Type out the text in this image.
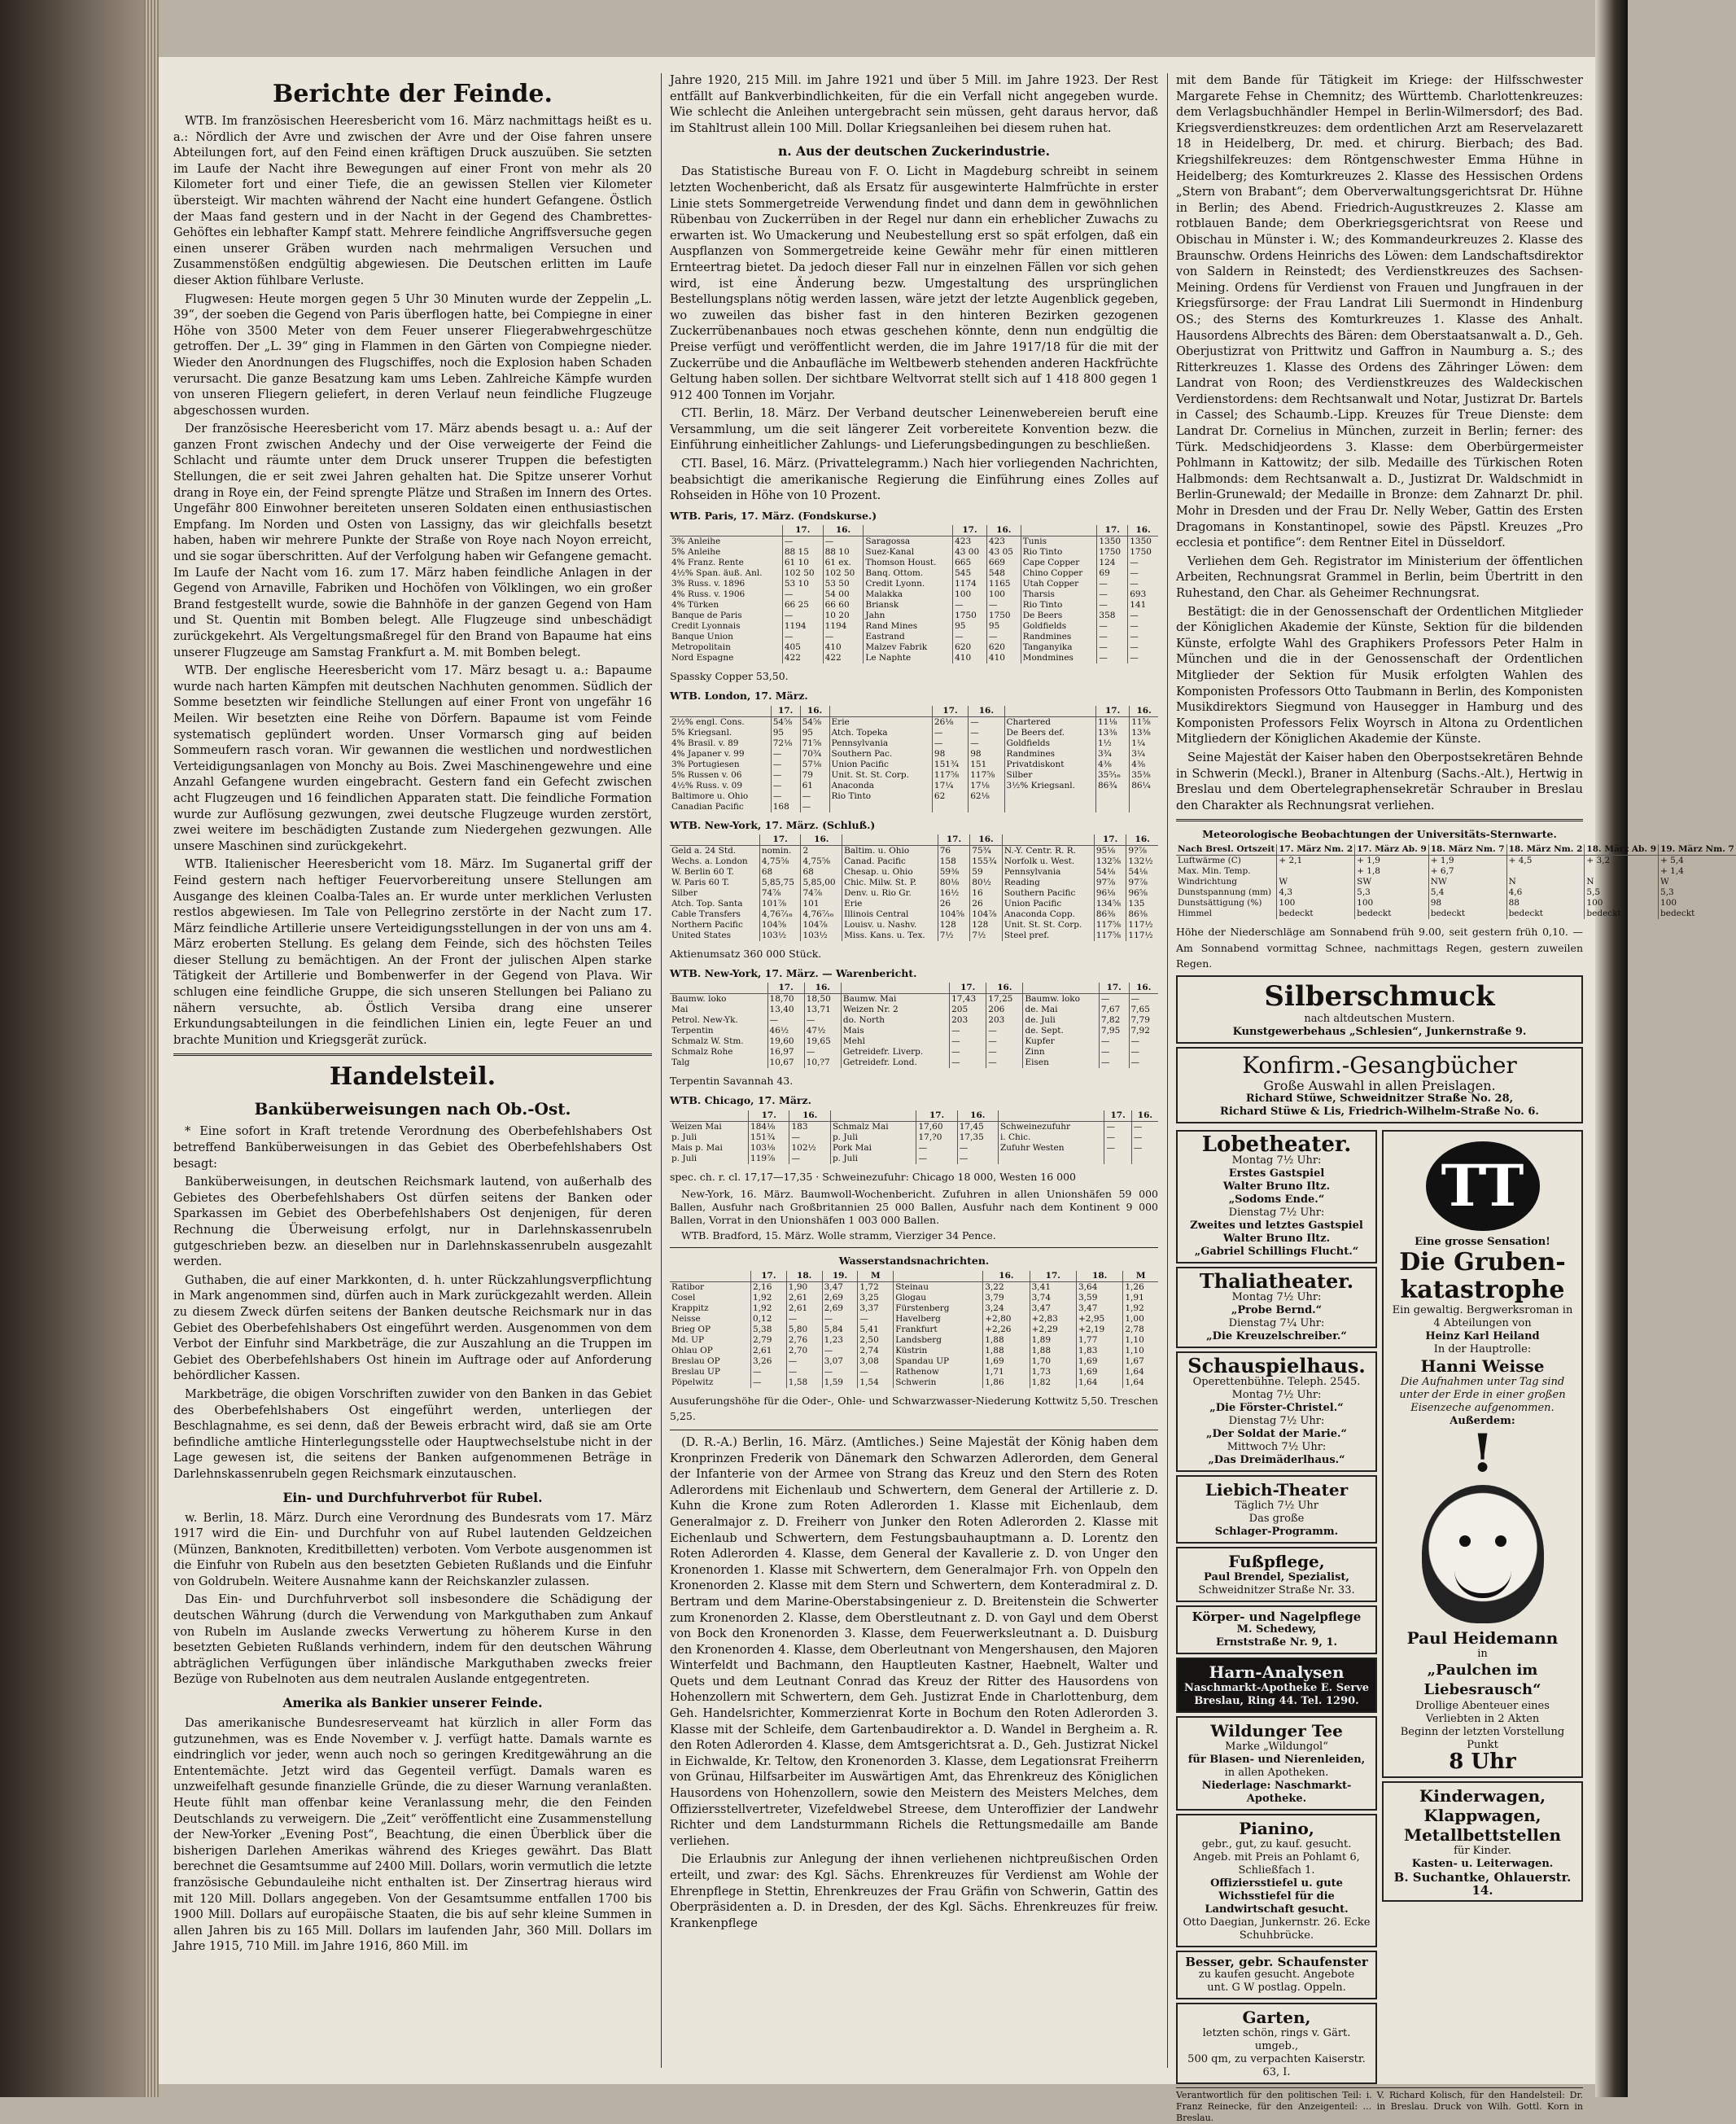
Berichte der Feinde.

WTB. Im französischen Heeresbericht vom 16. März nachmittags heißt es u. a.: Nördlich der Avre und zwischen der Avre und der Oise fahren unsere Abteilungen fort, auf den Feind einen kräftigen Druck auszuüben. Sie setzten im Laufe der Nacht ihre Bewegungen auf einer Front von mehr als 20 Kilometer fort und einer Tiefe, die an gewissen Stellen vier Kilometer übersteigt. Wir machten während der Nacht eine hundert Gefangene. Östlich der Maas fand gestern und in der Nacht in der Gegend des Chambrettes-Gehöftes ein lebhafter Kampf statt. Mehrere feindliche Angriffsversuche gegen einen unserer Gräben wurden nach mehrmaligen Versuchen und Zusammenstößen endgültig abgewiesen. Die Deutschen erlitten im Laufe dieser Aktion fühlbare Verluste.

Flugwesen: Heute morgen gegen 5 Uhr 30 Minuten wurde der Zeppelin „L. 39“, der soeben die Gegend von Paris überflogen hatte, bei Compiegne in einer Höhe von 3500 Meter von dem Feuer unserer Fliegerabwehrgeschütze getroffen. Der „L. 39“ ging in Flammen in den Gärten von Compiegne nieder. Wieder den Anordnungen des Flugschiffes, noch die Explosion haben Schaden verursacht. Die ganze Besatzung kam ums Leben. Zahlreiche Kämpfe wurden von unseren Fliegern geliefert, in deren Verlauf neun feindliche Flugzeuge abgeschossen wurden.

Der französische Heeresbericht vom 17. März abends besagt u. a.: Auf der ganzen Front zwischen Andechy und der Oise verweigerte der Feind die Schlacht und räumte unter dem Druck unserer Truppen die befestigten Stellungen, die er seit zwei Jahren gehalten hat. Die Spitze unserer Vorhut drang in Roye ein, der Feind sprengte Plätze und Straßen im Innern des Ortes. Ungefähr 800 Einwohner bereiteten unseren Soldaten einen enthusiastischen Empfang. Im Norden und Osten von Lassigny, das wir gleichfalls besetzt haben, haben wir mehrere Punkte der Straße von Roye nach Noyon erreicht, und sie sogar überschritten. Auf der Verfolgung haben wir Gefangene gemacht. Im Laufe der Nacht vom 16. zum 17. März haben feindliche Anlagen in der Gegend von Arnaville, Fabriken und Hochöfen von Völklingen, wo ein großer Brand festgestellt wurde, sowie die Bahnhöfe in der ganzen Gegend von Ham und St. Quentin mit Bomben belegt. Alle Flugzeuge sind unbeschädigt zurückgekehrt. Als Vergeltungsmaßregel für den Brand von Bapaume hat eins unserer Flugzeuge am Samstag Frankfurt a. M. mit Bomben belegt.

WTB. Der englische Heeresbericht vom 17. März besagt u. a.: Bapaume wurde nach harten Kämpfen mit deutschen Nachhuten genommen. Südlich der Somme besetzten wir feindliche Stellungen auf einer Front von ungefähr 16 Meilen. Wir besetzten eine Reihe von Dörfern. Bapaume ist vom Feinde systematisch geplündert worden. Unser Vormarsch ging auf beiden Sommeufern rasch voran. Wir gewannen die westlichen und nordwestlichen Verteidigungsanlagen von Monchy au Bois. Zwei Maschinengewehre und eine Anzahl Gefangene wurden eingebracht. Gestern fand ein Gefecht zwischen acht Flugzeugen und 16 feindlichen Apparaten statt. Die feindliche Formation wurde zur Auflösung gezwungen, zwei deutsche Flugzeuge wurden zerstört, zwei weitere im beschädigten Zustande zum Niedergehen gezwungen. Alle unsere Maschinen sind zurückgekehrt.

WTB. Italienischer Heeresbericht vom 18. März. Im Suganertal griff der Feind gestern nach heftiger Feuervorbereitung unsere Stellungen am Ausgange des kleinen Coalba-Tales an. Er wurde unter merklichen Verlusten restlos abgewiesen. Im Tale von Pellegrino zerstörte in der Nacht zum 17. März feindliche Artillerie unsere Verteidigungsstellungen in der von uns am 4. März eroberten Stellung. Es gelang dem Feinde, sich des höchsten Teiles dieser Stellung zu bemächtigen. An der Front der julischen Alpen starke Tätigkeit der Artillerie und Bombenwerfer in der Gegend von Plava. Wir schlugen eine feindliche Gruppe, die sich unseren Stellungen bei Paliano zu nähern versuchte, ab. Östlich Versiba drang eine unserer Erkundungsabteilungen in die feindlichen Linien ein, legte Feuer an und brachte Munition und Kriegsgerät zurück.

Handelsteil.
Banküberweisungen nach Ob.-Ost.

* Eine sofort in Kraft tretende Verordnung des Oberbefehlshabers Ost betreffend Banküberweisungen in das Gebiet des Oberbefehlshabers Ost besagt:

Banküberweisungen, in deutschen Reichsmark lautend, von außerhalb des Gebietes des Oberbefehlshabers Ost dürfen seitens der Banken oder Sparkassen im Gebiet des Oberbefehlshabers Ost denjenigen, für deren Rechnung die Überweisung erfolgt, nur in Darlehnskassenrubeln gutgeschrieben bezw. an dieselben nur in Darlehnskassenrubeln ausgezahlt werden.

Guthaben, die auf einer Markkonten, d. h. unter Rückzahlungsverpflichtung in Mark angenommen sind, dürfen auch in Mark zurückgezahlt werden. Allein zu diesem Zweck dürfen seitens der Banken deutsche Reichsmark nur in das Gebiet des Oberbefehlshabers Ost eingeführt werden. Ausgenommen von dem Verbot der Einfuhr sind Markbeträge, die zur Auszahlung an die Truppen im Gebiet des Oberbefehlshabers Ost hinein im Auftrage oder auf Anforderung behördlicher Kassen.

Markbeträge, die obigen Vorschriften zuwider von den Banken in das Gebiet des Oberbefehlshabers Ost eingeführt werden, unterliegen der Beschlagnahme, es sei denn, daß der Beweis erbracht wird, daß sie am Orte befindliche amtliche Hinterlegungsstelle oder Hauptwechselstube nicht in der Lage gewesen ist, die seitens der Banken aufgenommenen Beträge in Darlehnskassenrubeln gegen Reichsmark einzutauschen.

Ein- und Durchfuhrverbot für Rubel.

w. Berlin, 18. März. Durch eine Verordnung des Bundesrats vom 17. März 1917 wird die Ein- und Durchfuhr von auf Rubel lautenden Geldzeichen (Münzen, Banknoten, Kreditbilletten) verboten. Vom Verbote ausgenommen ist die Einfuhr von Rubeln aus den besetzten Gebieten Rußlands und die Einfuhr von Goldrubeln. Weitere Ausnahme kann der Reichskanzler zulassen.

Das Ein- und Durchfuhrverbot soll insbesondere die Schädigung der deutschen Währung (durch die Verwendung von Markguthaben zum Ankauf von Rubeln im Auslande zwecks Verwertung zu höherem Kurse in den besetzten Gebieten Rußlands verhindern, indem für den deutschen Währung abträglichen Verfügungen über inländische Markguthaben zwecks freier Bezüge von Rubelnoten aus dem neutralen Auslande entgegentreten.

Amerika als Bankier unserer Feinde.

Das amerikanische Bundesreserveamt hat kürzlich in aller Form das gutzunehmen, was es Ende November v. J. verfügt hatte. Damals warnte es eindringlich vor jeder, wenn auch noch so geringen Kreditgewährung an die Ententemächte. Jetzt wird das Gegenteil verfügt. Damals waren es unzweifelhaft gesunde finanzielle Gründe, die zu dieser Warnung veranlaßten. Heute fühlt man offenbar keine Veranlassung mehr, die den Feinden Deutschlands zu verweigern. Die „Zeit“ veröffentlicht eine Zusammenstellung der New-Yorker „Evening Post“, Beachtung, die einen Überblick über die bisherigen Darlehen Amerikas während des Krieges gewährt. Das Blatt berechnet die Gesamtsumme auf 2400 Mill. Dollars, worin vermutlich die letzte französische Gebundauleihe nicht enthalten ist. Der Zinsertrag hieraus wird mit 120 Mill. Dollars angegeben. Von der Gesamtsumme entfallen 1700 bis 1900 Mill. Dollars auf europäische Staaten, die bis auf sehr kleine Summen in allen Jahren bis zu 165 Mill. Dollars im laufenden Jahr, 360 Mill. Dollars im Jahre 1915, 710 Mill. im Jahre 1916, 860 Mill. im

Jahre 1920, 215 Mill. im Jahre 1921 und über 5 Mill. im Jahre 1923. Der Rest entfällt auf Bankverbindlichkeiten, für die ein Verfall nicht angegeben wurde. Wie schlecht die Anleihen untergebracht sein müssen, geht daraus hervor, daß im Stahltrust allein 100 Mill. Dollar Kriegsanleihen bei diesem ruhen hat.

n. Aus der deutschen Zuckerindustrie.

Das Statistische Bureau von F. O. Licht in Magdeburg schreibt in seinem letzten Wochenbericht, daß als Ersatz für ausgewinterte Halmfrüchte in erster Linie stets Sommergetreide Verwendung findet und dann dem in gewöhnlichen Rübenbau von Zuckerrüben in der Regel nur dann ein erheblicher Zuwachs zu erwarten ist. Wo Umackerung und Neubestellung erst so spät erfolgen, daß ein Auspflanzen von Sommergetreide keine Gewähr mehr für einen mittleren Ernteertrag bietet. Da jedoch dieser Fall nur in einzelnen Fällen vor sich gehen wird, ist eine Änderung bezw. Umgestaltung des ursprünglichen Bestellungsplans nötig werden lassen, wäre jetzt der letzte Augenblick gegeben, wo zuweilen das bisher fast in den hinteren Bezirken gezogenen Zuckerrübenanbaues noch etwas geschehen könnte, denn nun endgültig die Preise verfügt und veröffentlicht werden, die im Jahre 1917/18 für die mit der Zuckerrübe und die Anbaufläche im Weltbewerb stehenden anderen Hackfrüchte Geltung haben sollen. Der sichtbare Weltvorrat stellt sich auf 1 418 800 gegen 1 912 400 Tonnen im Vorjahr.

CTI. Berlin, 18. März. Der Verband deutscher Leinenwebereien beruft eine Versammlung, um die seit längerer Zeit vorbereitete Konvention bezw. die Einführung einheitlicher Zahlungs- und Lieferungsbedingungen zu beschließen.

CTI. Basel, 16. März. (Privattelegramm.) Nach hier vorliegenden Nachrichten, beabsichtigt die amerikanische Regierung die Einführung eines Zolles auf Rohseiden in Höhe von 10 Prozent.

WTB. Paris, 17. März. (Fondskurse.)
	17.	16.		17.	16.		17.	16.
3% Anleihe	—	—	Saragossa	423	423	Tunis	1350	1350
5% Anleihe	88 15	88 10	Suez-Kanal	43 00	43 05	Rio Tinto	1750	1750
4% Franz. Rente	61 10	61 ex.	Thomson Houst.	665	669	Cape Copper	124	—
4½% Span. äuß. Anl.	102 50	102 50	Banq. Ottom.	545	548	Chino Copper	69	—
3% Russ. v. 1896	53 10	53 50	Credit Lyonn.	1174	1165	Utah Copper	—	—
4% Russ. v. 1906	—	54 00	Malakka	100	100	Tharsis	—	693
4% Türken	66 25	66 60	Briansk	—	—	Rio Tinto	—	141
Banque de Paris	—	10 20	Jahn	1750	1750	De Beers	358	—
Credit Lyonnais	1194	1194	Rand Mines	95	95	Goldfields	—	—
Banque Union	—	—	Eastrand	—	—	Randmines	—	—
Metropolitain	405	410	Malzev Fabrik	620	620	Tanganyika	—	—
Nord Espagne	422	422	Le Naphte	410	410	Mondmines	—	—
Spassky Copper 53,50.
WTB. London, 17. März.
	17.	16.		17.	16.		17.	16.
2½% engl. Cons.	54⅝	54⅝	Erie	26⅛	—	Chartered	11⅛	11⅝
5% Kriegsanl.	95	95	Atch. Topeka	—	—	De Beers def.	13⅜	13⅜
4% Brasil. v. 89	72⅛	71⅝	Pennsylvania	—	—	Goldfields	1½	1¼
4% Japaner v. 99	—	70¾	Southern Pac.	98	98	Randmines	3¾	3¼
3% Portugiesen	—	57⅛	Union Pacific	151¾	151	Privatdiskont	4⅜	4⅜
5% Russen v. 06	—	79	Unit. St. St. Corp.	117⅝	117⅝	Silber	35⁵⁄₁₆	35⅜
4½% Russ. v. 09	—	61	Anaconda	17¼	17⅛	3½% Kriegsanl.	86¾	86¼
Baltimore u. Ohio	—	—	Rio Tinto	62	62⅛			
Canadian Pacific	168	—						
WTB. New-York, 17. März. (Schluß.)
	17.	16.		17.	16.		17.	16.
Geld a. 24 Std.	nomin.	2	Baltim. u. Ohio	76	75¾	N.-Y. Centr. R. R.	95⅛	9?⅞
Wechs. a. London	4,75⅝	4,75⅝	Canad. Pacific	158	155¾	Norfolk u. West.	132⅝	132½
W. Berlin 60 T.	68	68	Chesap. u. Ohio	59⅜	59	Pennsylvania	54⅛	54⅛
W. Paris 60 T.	5,85,75	5,85,00	Chic. Milw. St. P.	80⅛	80½	Reading	97⅞	97⅞
Silber	74⅞	74⅞	Denv. u. Rio Gr.	16½	16	Southern Pacific	96⅛	96⅝
Atch. Top. Santa	101⅞	101	Erie	26	26	Union Pacific	134⅝	135
Cable Transfers	4,76⁷⁄₁₆	4,76⁷⁄₁₆	Illinois Central	104⅝	104⅞	Anaconda Copp.	86⅜	86⅜
Northern Pacific	104⅝	104⅞	Louisv. u. Nashv.	128	128	Unit. St. St. Corp.	117⅝	117½
United States	103½	103½	Miss. Kans. u. Tex.	7½	7½	Steel pref.	117⅝	117½
Aktienumsatz 360 000 Stück.
WTB. New-York, 17. März. — Warenbericht.
	17.	16.		17.	16.		17.	16.
Baumw. loko	18,70	18,50	Baumw. Mai	17,43	17,25	Baumw. loko	—	—
Mai	13,40	13,71	Weizen Nr. 2	205	206	de. Mai	7,67	7,65
Petrol. New-Yk.	—	—	do. North	203	203	de. Juli	7,82	7,79
Terpentin	46½	47½	Mais	—	—	de. Sept.	7,95	7,92
Schmalz W. Stm.	19,60	19,65	Mehl	—	—	Kupfer	—	—
Schmalz Rohe	16,97	—	Getreidefr. Liverp.	—	—	Zinn	—	—
Talg	10,67	10,?7	Getreidefr. Lond.	—	—	Eisen	—	—
Terpentin Savannah 43.
WTB. Chicago, 17. März.
	17.	16.		17.	16.		17.	16.
Weizen Mai	184⅛	183	Schmalz Mai	17,60	17,45	Schweinezufuhr	—	—
p. Juli	151¾	—	p. Juli	17,?0	17,35	i. Chic.	—	—
Mais p. Mai	103⅛	102½	Pork Mai	—	—	Zufuhr Westen	—	—
p. Juli	119⅞	—	p. Juli	—	—			
spec. ch. r. cl. 17,17—17,35 · Schweinezufuhr: Chicago 18 000, Westen 16 000

New-York, 16. März. Baumwoll-Wochenbericht. Zufuhren in allen Unionshäfen 59 000 Ballen, Ausfuhr nach Großbritannien 25 000 Ballen, Ausfuhr nach dem Kontinent 9 000 Ballen, Vorrat in den Unionshäfen 1 003 000 Ballen.

WTB. Bradford, 15. März. Wolle stramm, Vierziger 34 Pence.

Wasserstandsnachrichten.
	17.	18.	19.	M		16.	17.	18.	M
Ratibor	2,16	1,90	3,47	1,72	Steinau	3,22	3,41	3,64	1,26
Cosel	1,92	2,61	2,69	3,25	Glogau	3,79	3,74	3,59	1,91
Krappitz	1,92	2,61	2,69	3,37	Fürstenberg	3,24	3,47	3,47	1,92
Neisse	0,12	—	—	—	Havelberg	+2,80	+2,83	+2,95	1,00
Brieg OP	5,38	5,80	5,84	5,41	Frankfurt	+2,26	+2,29	+2,19	2,78
Md. UP	2,79	2,76	1,23	2,50	Landsberg	1,88	1,89	1,77	1,10
Ohlau OP	2,61	2,70	—	2,74	Küstrin	1,88	1,88	1,83	1,10
Breslau OP	3,26	—	3,07	3,08	Spandau UP	1,69	1,70	1,69	1,67
Breslau UP	—	—	—	—	Rathenow	1,71	1,73	1,69	1,64
Pöpelwitz	—	1,58	1,59	1,54	Schwerin	1,86	1,82	1,64	1,64
Ausuferungshöhe für die Oder-, Ohle- und Schwarzwasser-Niederung Kottwitz 5,50. Treschen 5,25.

(D. R.-A.) Berlin, 16. März. (Amtliches.) Seine Majestät der König haben dem Kronprinzen Frederik von Dänemark den Schwarzen Adlerorden, dem General der Infanterie von der Armee von Strang das Kreuz und den Stern des Roten Adlerordens mit Eichenlaub und Schwertern, dem General der Artillerie z. D. Kuhn die Krone zum Roten Adlerorden 1. Klasse mit Eichenlaub, dem Generalmajor z. D. Freiherr von Junker den Roten Adlerorden 2. Klasse mit Eichenlaub und Schwertern, dem Festungsbauhauptmann a. D. Lorentz den Roten Adlerorden 4. Klasse, dem General der Kavallerie z. D. von Unger den Kronenorden 1. Klasse mit Schwertern, dem Generalmajor Frh. von Oppeln den Kronenorden 2. Klasse mit dem Stern und Schwertern, dem Konteradmiral z. D. Bertram und dem Marine-Oberstabsingenieur z. D. Breitenstein die Schwerter zum Kronenorden 2. Klasse, dem Oberstleutnant z. D. von Gayl und dem Oberst von Bock den Kronenorden 3. Klasse, dem Feuerwerksleutnant a. D. Duisburg den Kronenorden 4. Klasse, dem Oberleutnant von Mengershausen, den Majoren Winterfeldt und Bachmann, den Hauptleuten Kastner, Haebnelt, Walter und Quets und dem Leutnant Conrad das Kreuz der Ritter des Hausordens von Hohenzollern mit Schwertern, dem Geh. Justizrat Ende in Charlottenburg, dem Geh. Handelsrichter, Kommerzienrat Korte in Bochum den Roten Adlerorden 3. Klasse mit der Schleife, dem Gartenbaudirektor a. D. Wandel in Bergheim a. R. den Roten Adlerorden 4. Klasse, dem Amtsgerichtsrat a. D., Geh. Justizrat Nickel in Eichwalde, Kr. Teltow, den Kronenorden 3. Klasse, dem Legationsrat Freiherrn von Grünau, Hilfsarbeiter im Auswärtigen Amt, das Ehrenkreuz des Königlichen Hausordens von Hohenzollern, sowie den Meistern des Meisters Melches, dem Offiziersstellvertreter, Vizefeldwebel Streese, dem Unteroffizier der Landwehr Richter und dem Landsturmmann Richels die Rettungsmedaille am Bande verliehen.

Die Erlaubnis zur Anlegung der ihnen verliehenen nichtpreußischen Orden erteilt, und zwar: des Kgl. Sächs. Ehrenkreuzes für Verdienst am Wohle der Ehrenpflege in Stettin, Ehrenkreuzes der Frau Gräfin von Schwerin, Gattin des Oberpräsidenten a. D. in Dresden, der des Kgl. Sächs. Ehrenkreuzes für freiw. Krankenpflege

mit dem Bande für Tätigkeit im Kriege: der Hilfsschwester Margarete Fehse in Chemnitz; des Württemb. Charlottenkreuzes: dem Verlagsbuchhändler Hempel in Berlin-Wilmersdorf; des Bad. Kriegsverdienstkreuzes: dem ordentlichen Arzt am Reservelazarett 18 in Heidelberg, Dr. med. et chirurg. Bierbach; des Bad. Kriegshilfekreuzes: dem Röntgenschwester Emma Hühne in Heidelberg; des Komturkreuzes 2. Klasse des Hessischen Ordens „Stern von Brabant“; dem Oberverwaltungsgerichtsrat Dr. Hühne in Berlin; des Abend. Friedrich-Augustkreuzes 2. Klasse am rotblauen Bande; dem Oberkriegsgerichtsrat von Reese und Obischau in Münster i. W.; des Kommandeurkreuzes 2. Klasse des Braunschw. Ordens Heinrichs des Löwen: dem Landschaftsdirektor von Saldern in Reinstedt; des Verdienstkreuzes des Sachsen-Meining. Ordens für Verdienst von Frauen und Jungfrauen in der Kriegsfürsorge: der Frau Landrat Lili Suermondt in Hindenburg OS.; des Sterns des Komturkreuzes 1. Klasse des Anhalt. Hausordens Albrechts des Bären: dem Oberstaatsanwalt a. D., Geh. Oberjustizrat von Prittwitz und Gaffron in Naumburg a. S.; des Ritterkreuzes 1. Klasse des Ordens des Zähringer Löwen: dem Landrat von Roon; des Verdienstkreuzes des Waldeckischen Verdienstordens: dem Rechtsanwalt und Notar, Justizrat Dr. Bartels in Cassel; des Schaumb.-Lipp. Kreuzes für Treue Dienste: dem Landrat Dr. Cornelius in München, zurzeit in Berlin; ferner: des Türk. Medschidjeordens 3. Klasse: dem Oberbürgermeister Pohlmann in Kattowitz; der silb. Medaille des Türkischen Roten Halbmonds: dem Rechtsanwalt a. D., Justizrat Dr. Waldschmidt in Berlin-Grunewald; der Medaille in Bronze: dem Zahnarzt Dr. phil. Mohr in Dresden und der Frau Dr. Nelly Weber, Gattin des Ersten Dragomans in Konstantinopel, sowie des Päpstl. Kreuzes „Pro ecclesia et pontifice“: dem Rentner Eitel in Düsseldorf.

Verliehen dem Geh. Registrator im Ministerium der öffentlichen Arbeiten, Rechnungsrat Grammel in Berlin, beim Übertritt in den Ruhestand, den Char. als Geheimer Rechnungsrat.

Bestätigt: die in der Genossenschaft der Ordentlichen Mitglieder der Königlichen Akademie der Künste, Sektion für die bildenden Künste, erfolgte Wahl des Graphikers Professors Peter Halm in München und die in der Genossenschaft der Ordentlichen Mitglieder der Sektion für Musik erfolgten Wahlen des Komponisten Professors Otto Taubmann in Berlin, des Komponisten Musikdirektors Siegmund von Hausegger in Hamburg und des Komponisten Professors Felix Woyrsch in Altona zu Ordentlichen Mitgliedern der Königlichen Akademie der Künste.

Seine Majestät der Kaiser haben den Oberpostsekretären Behnde in Schwerin (Meckl.), Braner in Altenburg (Sachs.-Alt.), Hertwig in Breslau und dem Obertelegraphensekretär Schrauber in Breslau den Charakter als Rechnungsrat verliehen.

Meteorologische Beobachtungen der Universitäts-Sternwarte.
Nach Bresl. Ortszeit	17. März Nm. 2	17. März Ab. 9	18. März Nm. 7	18. März Nm. 2	18. März Ab. 9	19. März Nm. 7
Luftwärme (C)	+ 2,1	+ 1,9	+ 1,9	+ 4,5	+ 3,2	+ 5,4
Max. Min. Temp.		+ 1,8	+ 6,7			+ 1,4
Windrichtung	W	SW	NW	N	N	W
Dunstspannung (mm)	4,3	5,3	5,4	4,6	5,5	5,3
Dunstsättigung (%)	100	100	98	88	100	100
Himmel	bedeckt	bedeckt	bedeckt	bedeckt	bedeckt	bedeckt
Höhe der Niederschläge am Sonnabend früh 9.00, seit gestern früh 0,10. — Am Sonnabend vormittag Schnee, nachmittags Regen, gestern zuweilen Regen.
Silberschmuck
nach altdeutschen Mustern.
Kunstgewerbehaus „Schlesien“, Junkernstraße 9.
Konfirm.-Gesangbücher
Große Auswahl in allen Preislagen.
Richard Stüwe, Schweidnitzer Straße No. 28,
Richard Stüwe & Lis, Friedrich-Wilhelm-Straße No. 6.
Lobetheater.
Montag 7½ Uhr:
Erstes Gastspiel
Walter Bruno Iltz.
„Sodoms Ende.“
Dienstag 7½ Uhr:
Zweites und letztes Gastspiel
Walter Bruno Iltz.
„Gabriel Schillings Flucht.“
Thaliatheater.
Montag 7½ Uhr:
„Probe Bernd.“
Dienstag 7¼ Uhr:
„Die Kreuzelschreiber.“
Schauspielhaus.
Operettenbühne. Teleph. 2545.
Montag 7½ Uhr:
„Die Förster-Christel.“
Dienstag 7½ Uhr:
„Der Soldat der Marie.“
Mittwoch 7½ Uhr:
„Das Dreimäderlhaus.“
Liebich-Theater
Täglich 7½ Uhr
Das große
Schlager-Programm.
Fußpflege,
Paul Brendel, Spezialist,
Schweidnitzer Straße Nr. 33.
Körper- und Nagelpflege
M. Schedewy,
Ernststraße Nr. 9, 1.
Harn-Analysen
Naschmarkt-Apotheke E. Serve
Breslau, Ring 44. Tel. 1290.
Wildunger Tee
Marke „Wildungol“
für Blasen- und Nierenleiden,
in allen Apotheken.
Niederlage: Naschmarkt-Apotheke.
Pianino,
gebr., gut, zu kauf. gesucht.
Angeb. mit Preis an Pohlamt 6, Schließfach 1.
Offiziersstiefel u. gute Wichsstiefel für die Landwirtschaft gesucht.
Otto Daegian, Junkernstr. 26. Ecke Schuhbrücke.
Besser, gebr. Schaufenster
zu kaufen gesucht. Angebote
unt. G W postlag. Oppeln.
Garten,
letzten schön, rings v. Gärt. umgeb.,
500 qm, zu verpachten Kaiserstr. 63, I.
TT
Eine grosse Sensation!
Die Gruben-katastrophe
Ein gewaltig. Bergwerksroman in 4 Abteilungen von
Heinz Karl Heiland
In der Hauptrolle:
Hanni Weisse
Die Aufnahmen unter Tag sind unter der Erde in einer großen Eisenzeche aufgenommen.
Außerdem:
!
Paul Heidemann
in
„Paulchen im Liebesrausch“
Drollige Abenteuer eines Verliebten in 2 Akten
Beginn der letzten Vorstellung Punkt
8 Uhr
Kinderwagen,
Klappwagen,
Metallbettstellen
für Kinder.
Kasten- u. Leiterwagen.
B. Suchantke, Ohlauerstr. 14.
Verantwortlich für den politischen Teil: i. V. Richard Kolisch, für den Handelsteil: Dr. Franz Reinecke, für den Anzeigenteil: ... in Breslau. Druck von Wilh. Gottl. Korn in Breslau.
